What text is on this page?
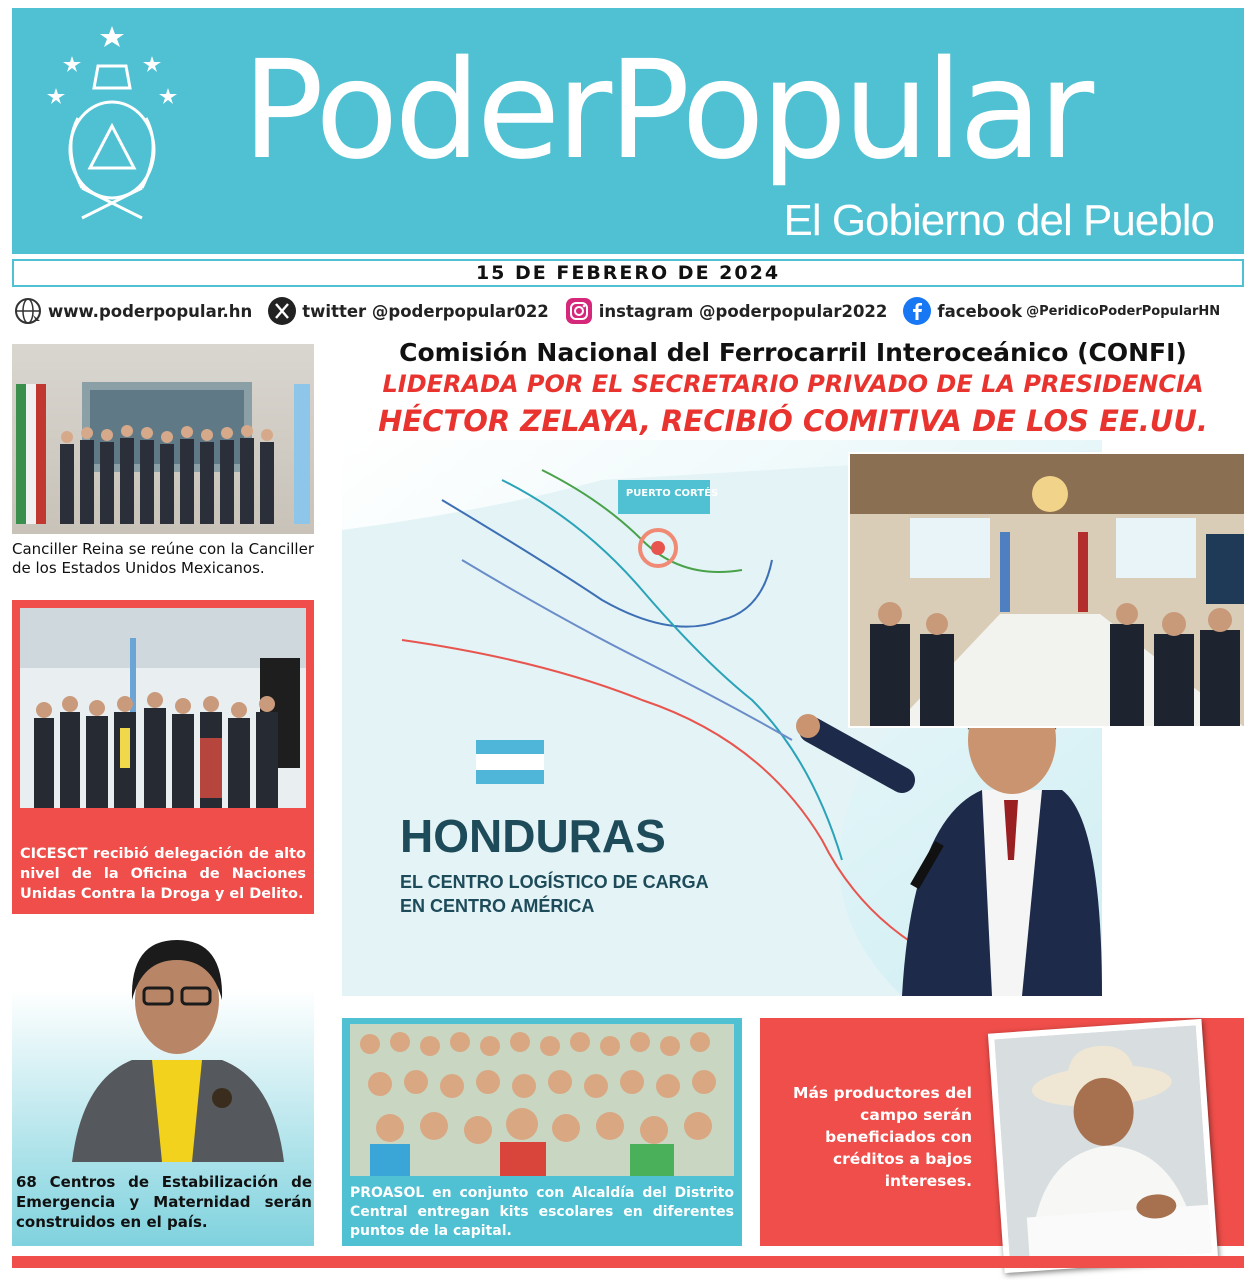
PoderPopular
El Gobierno del Pueblo
15 DE FEBRERO DE 2024
www.poderpopular.hn	twitter @poderpopular022	instagram @poderpopular2022	facebook @PeridicoPoderPopularHN
Canciller Reina se reúne con la Canciller de los Estados Unidos Mexicanos.
CICESCT recibió delegación de alto nivel de la Oficina de Naciones Unidas Contra la Droga y el Delito.
68 Centros de Estabilización de Emergencia y Maternidad serán construidos en el país.
Comisión Nacional del Ferrocarril Interoceánico (CONFI)
LIDERADA POR EL SECRETARIO PRIVADO DE LA PRESIDENCIA
HÉCTOR ZELAYA, RECIBIÓ COMITIVA DE LOS EE.UU.
PUERTO CORTÉS
HONDURAS
EL CENTRO LOGÍSTICO DE CARGA
EN CENTRO AMÉRICA
PROASOL en conjunto con Alcaldía del Distrito Central entregan kits escolares en diferentes puntos de la capital.
Más productores del campo serán beneficiados con créditos a bajos intereses.
